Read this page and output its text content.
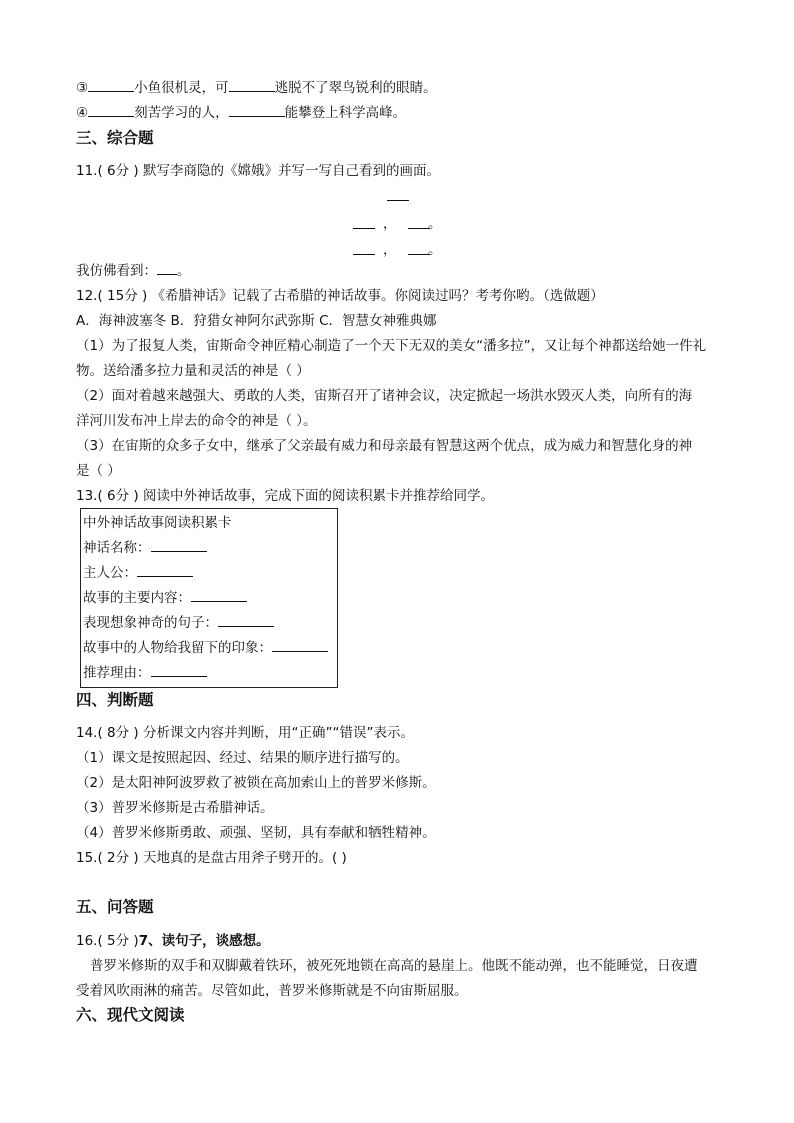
③	小鱼很机灵，可	逃脱不了翠鸟锐利的眼睛。
④	刻苦学习的人，	能攀登上科学高峰。
三、综合题
11.( 6分 ) 默写李商隐的《嫦娥》并写一写自己看到的画面。
， 。
， 。
我仿佛看到： 。
12.( 15分 ) 《希腊神话》记载了古希腊的神话故事。你阅读过吗？考考你哟。（选做题）
A．海神波塞冬 B．狩猎女神阿尔武弥斯 C．智慧女神雅典娜
（1）为了报复人类，宙斯命令神匠精心制造了一个天下无双的美女“潘多拉”，又让每个神都送给她一件礼
物。送给潘多拉力量和灵活的神是（ ）
（2）面对着越来越强大、勇敢的人类，宙斯召开了诸神会议，决定掀起一场洪水毁灭人类，向所有的海
洋河川发布冲上岸去的命令的神是（ ）。
（3）在宙斯的众多子女中，继承了父亲最有威力和母亲最有智慧这两个优点，成为威力和智慧化身的神
是（ ）
13.( 6分 ) 阅读中外神话故事，完成下面的阅读积累卡并推荐给同学。
中外神话故事阅读积累卡
神话名称：
主人公：
故事的主要内容：
表现想象神奇的句子：
故事中的人物给我留下的印象：
推荐理由：
四、判断题
14.( 8分 ) 分析课文内容并判断，用“正确”“错误”表示。
（1）课文是按照起因、经过、结果的顺序进行描写的。
（2）是太阳神阿波罗救了被锁在高加索山上的普罗米修斯。
（3）普罗米修斯是古希腊神话。
（4）普罗米修斯勇敢、顽强、坚韧，具有奉献和牺牲精神。
15.( 2分 ) 天地真的是盘古用斧子劈开的。( )
五、问答题
16.( 5分 )7、读句子，谈感想。
普罗米修斯的双手和双脚戴着铁环，被死死地锁在高高的悬崖上。他既不能动弹，也不能睡觉，日夜遭
受着风吹雨淋的痛苦。尽管如此，普罗米修斯就是不向宙斯屈服。
六、现代文阅读
